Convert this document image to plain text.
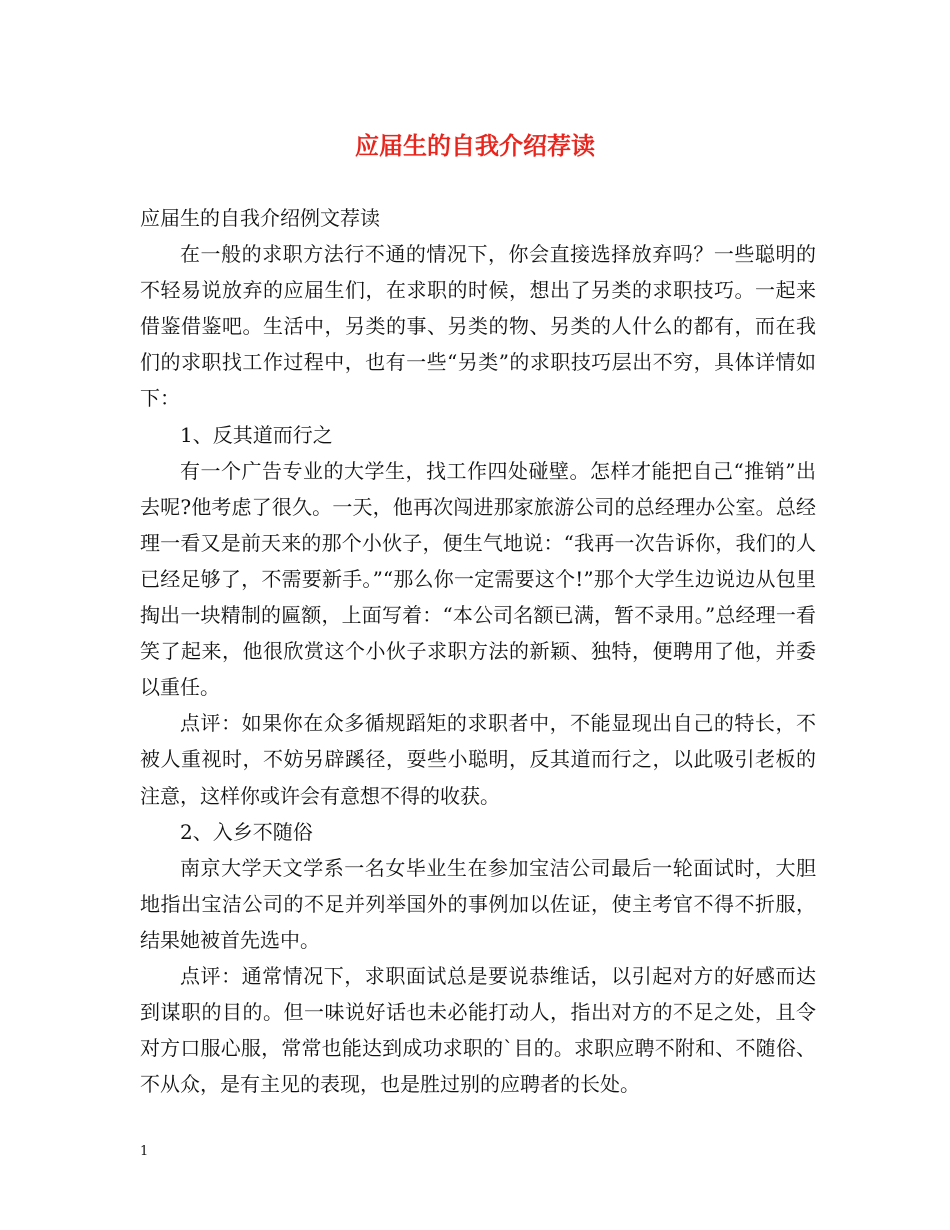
应届生的自我介绍荐读

应届生的自我介绍例文荐读

在一般的求职方法行不通的情况下，你会直接选择放弃吗？一些聪明的不轻易说放弃的应届生们，在求职的时候，想出了另类的求职技巧。一起来借鉴借鉴吧。生活中，另类的事、另类的物、另类的人什么的都有，而在我们的求职找工作过程中，也有一些“另类”的求职技巧层出不穷，具体详情如下：

1、反其道而行之

有一个广告专业的大学生，找工作四处碰壁。怎样才能把自己“推销”出去呢?他考虑了很久。一天，他再次闯进那家旅游公司的总经理办公室。总经理一看又是前天来的那个小伙子，便生气地说：“我再一次告诉你，我们的人已经足够了，不需要新手。”“那么你一定需要这个!”那个大学生边说边从包里掏出一块精制的匾额，上面写着：“本公司名额已满，暂不录用。”总经理一看笑了起来，他很欣赏这个小伙子求职方法的新颖、独特，便聘用了他，并委以重任。

点评：如果你在众多循规蹈矩的求职者中，不能显现出自己的特长，不被人重视时，不妨另辟蹊径，耍些小聪明，反其道而行之，以此吸引老板的注意，这样你或许会有意想不得的收获。

2、入乡不随俗

南京大学天文学系一名女毕业生在参加宝洁公司最后一轮面试时，大胆地指出宝洁公司的不足并列举国外的事例加以佐证，使主考官不得不折服，结果她被首先选中。

点评：通常情况下，求职面试总是要说恭维话，以引起对方的好感而达到谋职的目的。但一味说好话也未必能打动人，指出对方的不足之处，且令对方口服心服，常常也能达到成功求职的`目的。求职应聘不附和、不随俗、不从众，是有主见的表现，也是胜过别的应聘者的长处。

1
